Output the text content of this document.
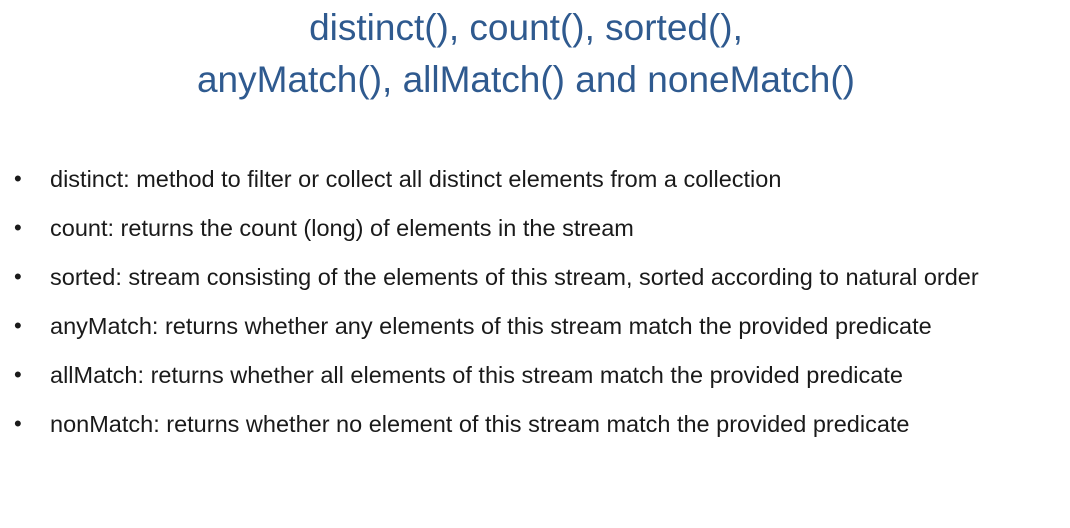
distinct(), count(), sorted(),
anyMatch(), allMatch() and noneMatch()
• distinct: method to filter or collect all distinct elements from a collection
• count: returns the count (long) of elements in the stream
• sorted: stream consisting of the elements of this stream, sorted according to natural order
• anyMatch: returns whether any elements of this stream match the provided predicate
• allMatch: returns whether all elements of this stream match the provided predicate
• nonMatch: returns whether no element of this stream match the provided predicate
